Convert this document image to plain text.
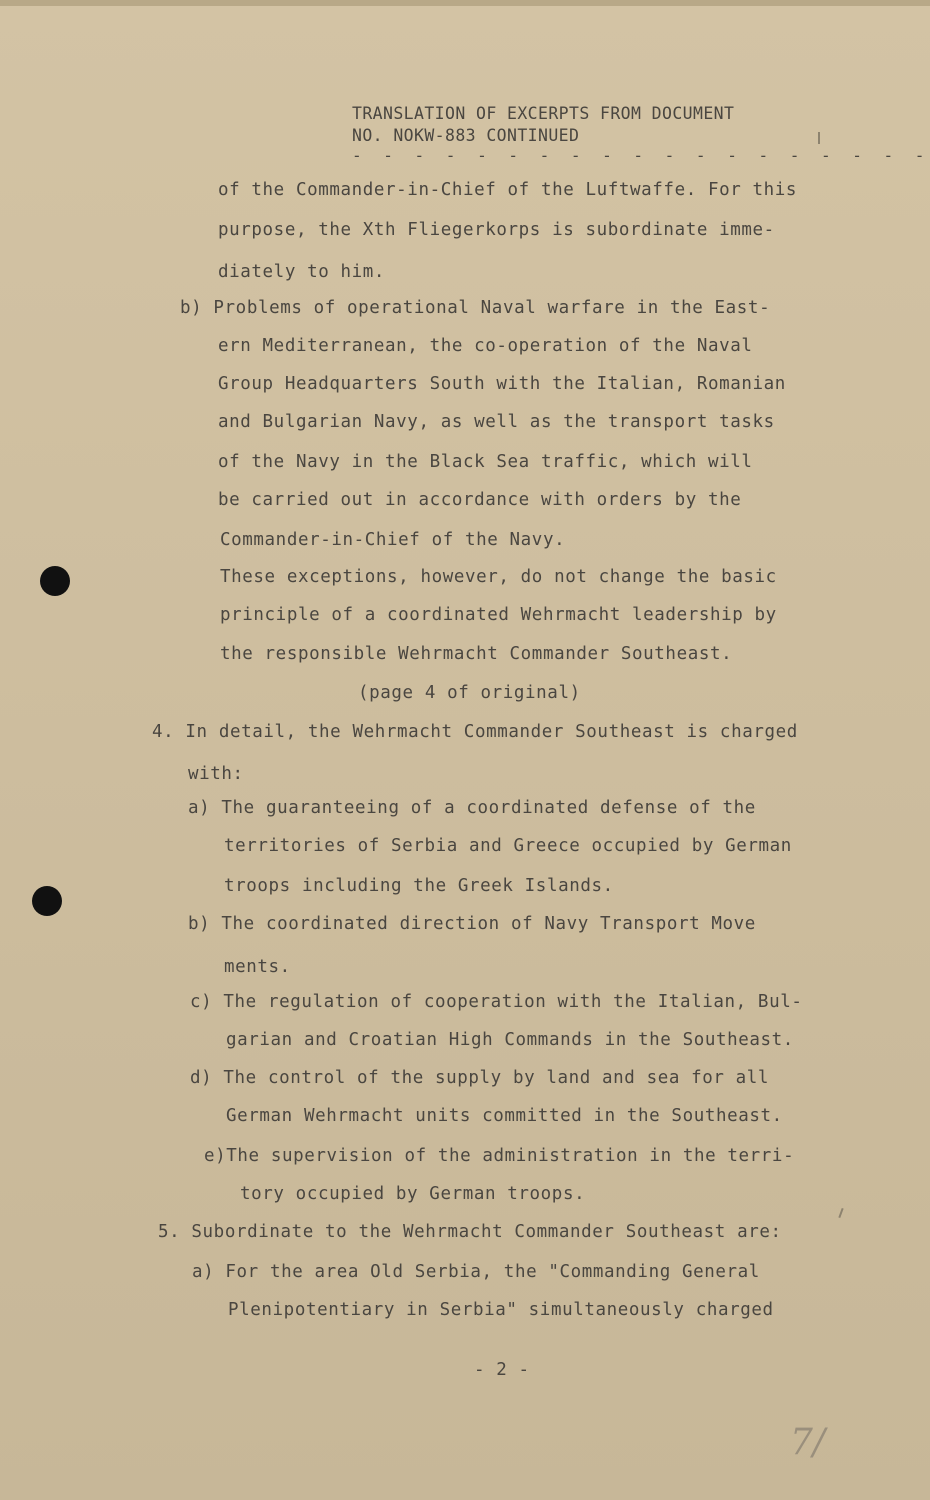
TRANSLATION OF EXCERPTS FROM DOCUMENT
NO. NOKW-883 CONTINUED
- - - - - - - - - - - - - - - - - - -
of the Commander-in-Chief of the Luftwaffe. For this
purpose, the Xth Fliegerkorps is subordinate imme-
diately to him.
b) Problems of operational Naval warfare in the East-
ern Mediterranean, the co-operation of the Naval
Group Headquarters South with the Italian, Romanian
and Bulgarian Navy, as well as the transport tasks
of the Navy in the Black Sea traffic, which will
be carried out in accordance with orders by the
Commander-in-Chief of the Navy.
These exceptions, however, do not change the basic
principle of a coordinated Wehrmacht leadership by
the responsible Wehrmacht Commander Southeast.
(page 4 of original)
4. In detail, the Wehrmacht Commander Southeast is charged
with:
a) The guaranteeing of a coordinated defense of the
territories of Serbia and Greece occupied by German
troops including the Greek Islands.
b) The coordinated direction of Navy Transport Move
ments.
c) The regulation of cooperation with the Italian, Bul-
garian and Croatian High Commands in the Southeast.
d) The control of the supply by land and sea for all
German Wehrmacht units committed in the Southeast.
e)The supervision of the administration in the terri-
tory occupied by German troops.
5. Subordinate to the Wehrmacht Commander Southeast are:
a) For the area Old Serbia, the "Commanding General
Plenipotentiary in Serbia" simultaneously charged
- 2 -
7/
